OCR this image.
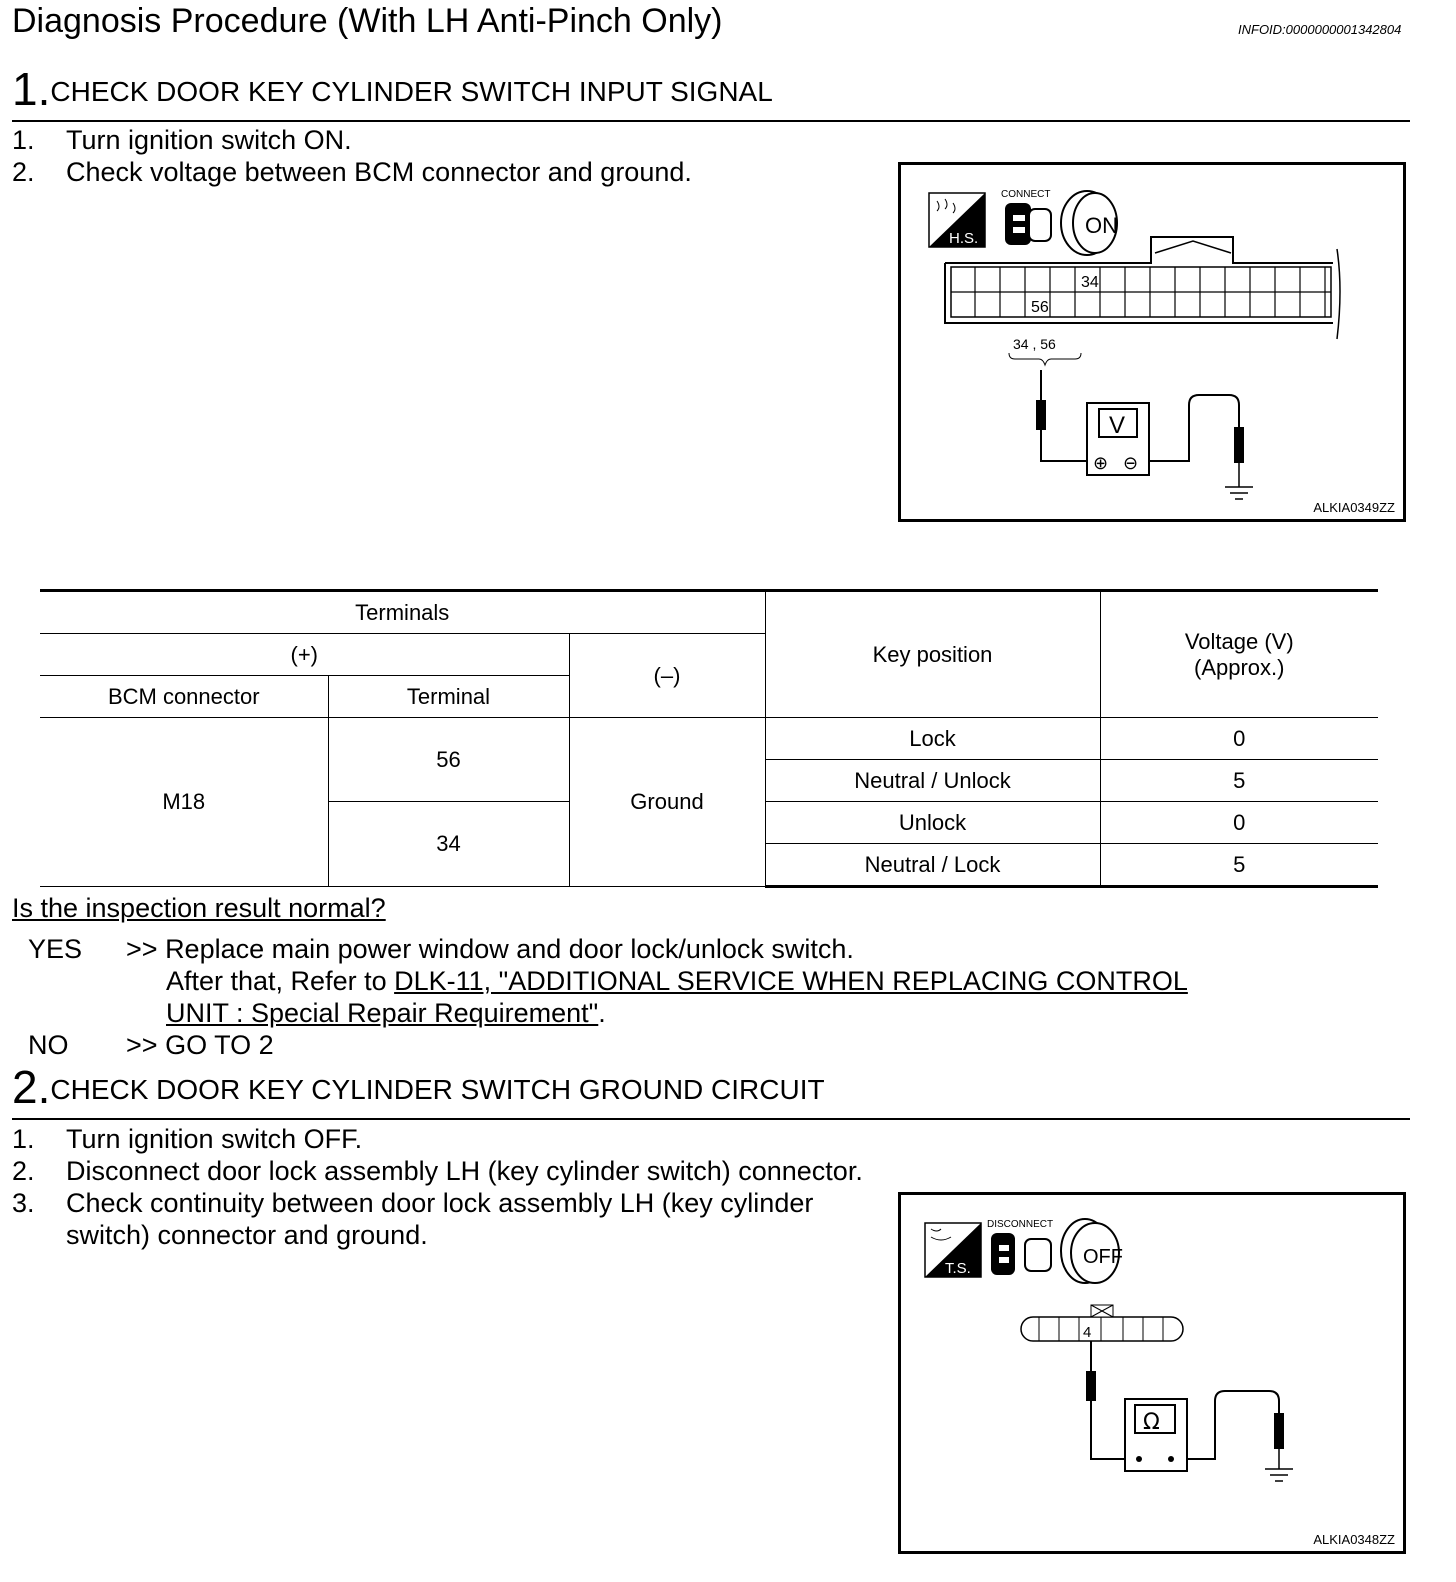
Diagnosis Procedure (With LH Anti-Pinch Only)	INFOID:0000000001342804
1.CHECK DOOR KEY CYLINDER SWITCH INPUT SIGNAL
1.	Turn ignition switch ON.
2.	Check voltage between BCM connector and ground.
H.S.
CONNECT
ON
34
56
34 , 56
V
⊕ ⊖
ALKIA0349ZZ
Terminals			Key position	Voltage (V)
(Approx.)

(+)		(–)		
BCM connector	Terminal			
M18	56	Ground	Lock	0
			Neutral / Unlock	5
	34		Unlock	0
			Neutral / Lock	5
Is the inspection result normal?
YES >> Replace main power window and door lock/unlock switch.
After that, Refer to DLK-11, "ADDITIONAL SERVICE WHEN REPLACING CONTROL
UNIT : Special Repair Requirement".
NO >> GO TO 2
2.CHECK DOOR KEY CYLINDER SWITCH GROUND CIRCUIT
1.	Turn ignition switch OFF.
2.	Disconnect door lock assembly LH (key cylinder switch) connector.
3.	Check continuity between door lock assembly LH (key cylinder
switch) connector and ground.
T.S.
DISCONNECT
OFF
4
Ω
ALKIA0348ZZ
